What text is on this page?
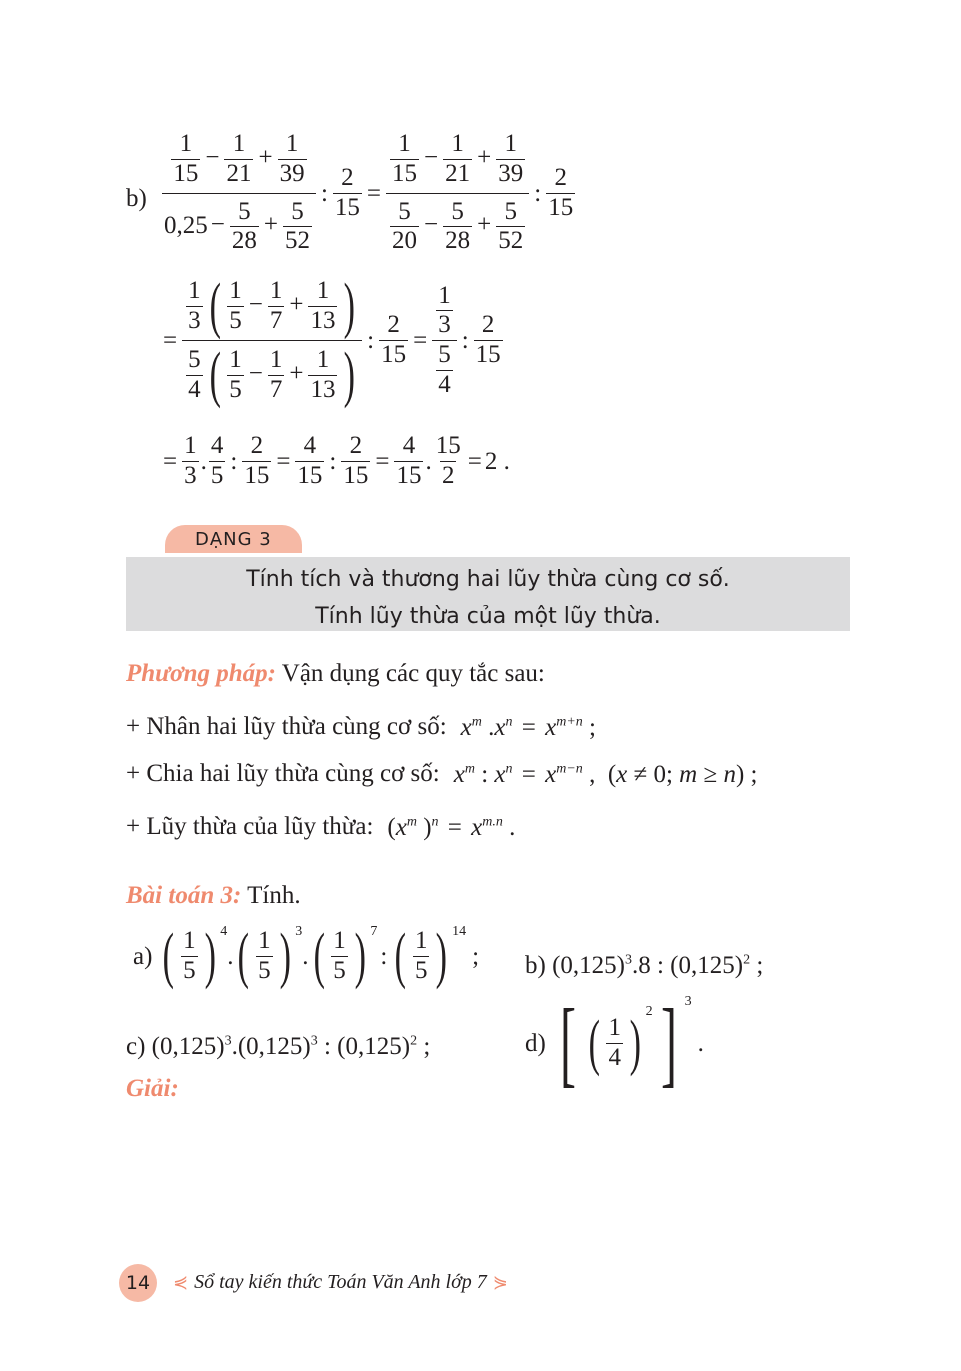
$b) \frac{\frac{1}{15} - \frac{1}{21} + \frac{1}{39}}{0,25 - \frac{5}{28} + \frac{5}{52}}$ : $\frac{2}{15} = \frac{\frac{1}{15} - \frac{1}{21} + \frac{1}{39}}{\frac{5}{20} - \frac{5}{28} + \frac{5}{52}}$ : $\frac{2}{15}$
= $\frac{\frac{1}{3} ( \frac{1}{5} - \frac{1}{7} + \frac{1}{13} )}{\frac{5}{4} ( \frac{1}{5} - \frac{1}{7} + \frac{1}{13} )}$ : $\frac{2}{15} = \frac{\frac{1}{3}}{\frac{5}{4}}$ : $\frac{2}{15}$
= $\frac{1}{3}$ . $\frac{4}{5}$ : $\frac{2}{15} = \frac{4}{15}$ : $\frac{2}{15} = \frac{4}{15}$ . $\frac{15}{2} = 2$ .
DẠNG 3
Tính tích và thương hai lũy thừa cùng cơ số.
Tính lũy thừa của một lũy thừa.
Phương pháp: Vận dụng các quy tắc sau:
+ Nhân hai lũy thừa cùng cơ số: $x^m$ $.x^n = x^{m+n}$ ;
+ Chia hai lũy thừa cùng cơ số: $x^m$ : $x^n = x^{m-n}$ ,  (x ≠ 0; m ≥ n) ;
+ Lũy thừa của lũy thừa: ($x^m$ )$^n = x^{m.n}$ .
Bài toán 3: Tính.
a) ( $\frac{1}{5}$ ) $^4$
. ( $\frac{1}{5}$ ) $^3$
. ( $\frac{1}{5}$ ) $^7$
: ( $\frac{1}{5}$ ) $^{14}$
; b) $(0,125)^3.8$ : $(0,125)^2$ ;
c) $(0,125)^3.(0,125)^3$ : $(0,125)^2$ ;	d) [ ( $\frac{1}{4}$ ) $^2$ ] $^3$
.
Giải:
14	⋞ Sổ tay kiến thức Toán Văn Anh lớp 7 ⋟
